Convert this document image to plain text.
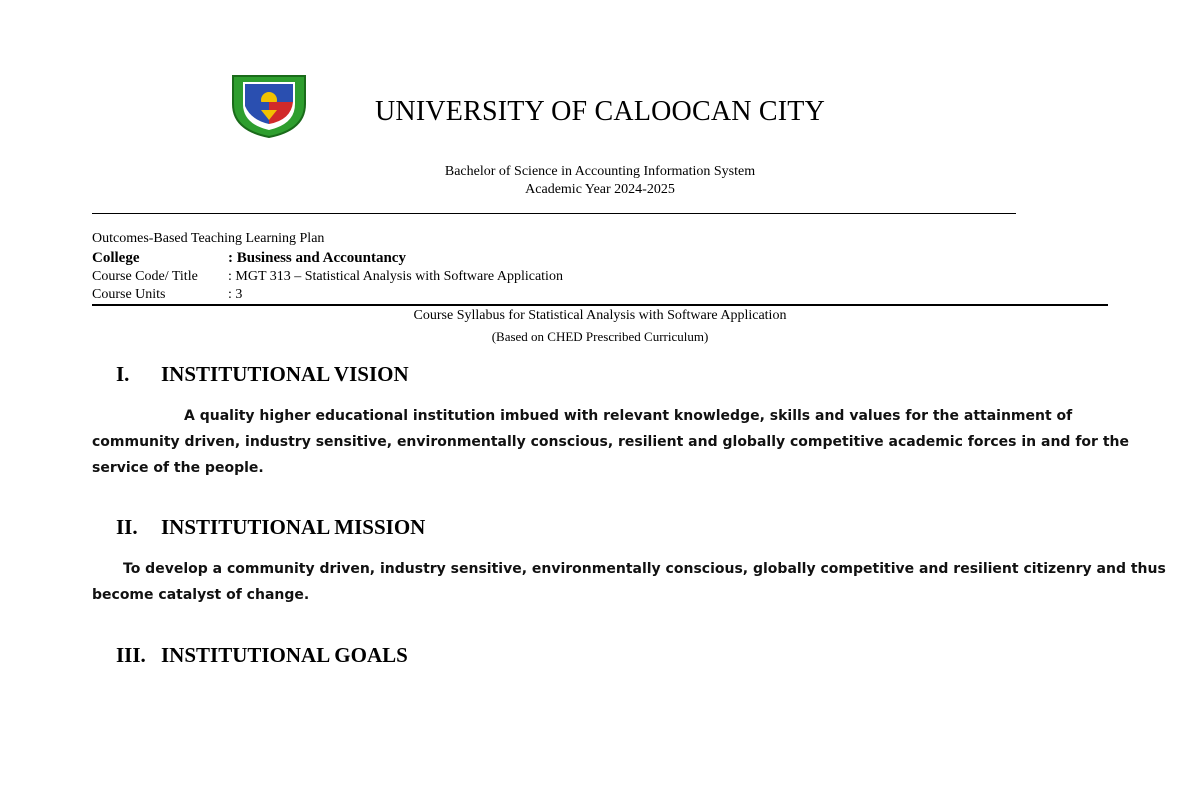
UNIVERSITY OF CALOOCAN CITY
Bachelor of Science in Accounting Information System
Academic Year 2024-2025
Outcomes-Based Teaching Learning Plan
College	: Business and Accountancy
Course Code/ Title : MGT 313 – Statistical Analysis with Software Application
Course Units	: 3
Course Syllabus for Statistical Analysis with Software Application
(Based on CHED Prescribed Curriculum)
I. INSTITUTIONAL VISION
A quality higher educational institution imbued with relevant knowledge, skills and values for the attainment of
community driven, industry sensitive, environmentally conscious, resilient and globally competitive academic forces in and for the
service of the people.
II. INSTITUTIONAL MISSION
To develop a community driven, industry sensitive, environmentally conscious, globally competitive and resilient citizenry and thus
become catalyst of change.
III. INSTITUTIONAL GOALS
